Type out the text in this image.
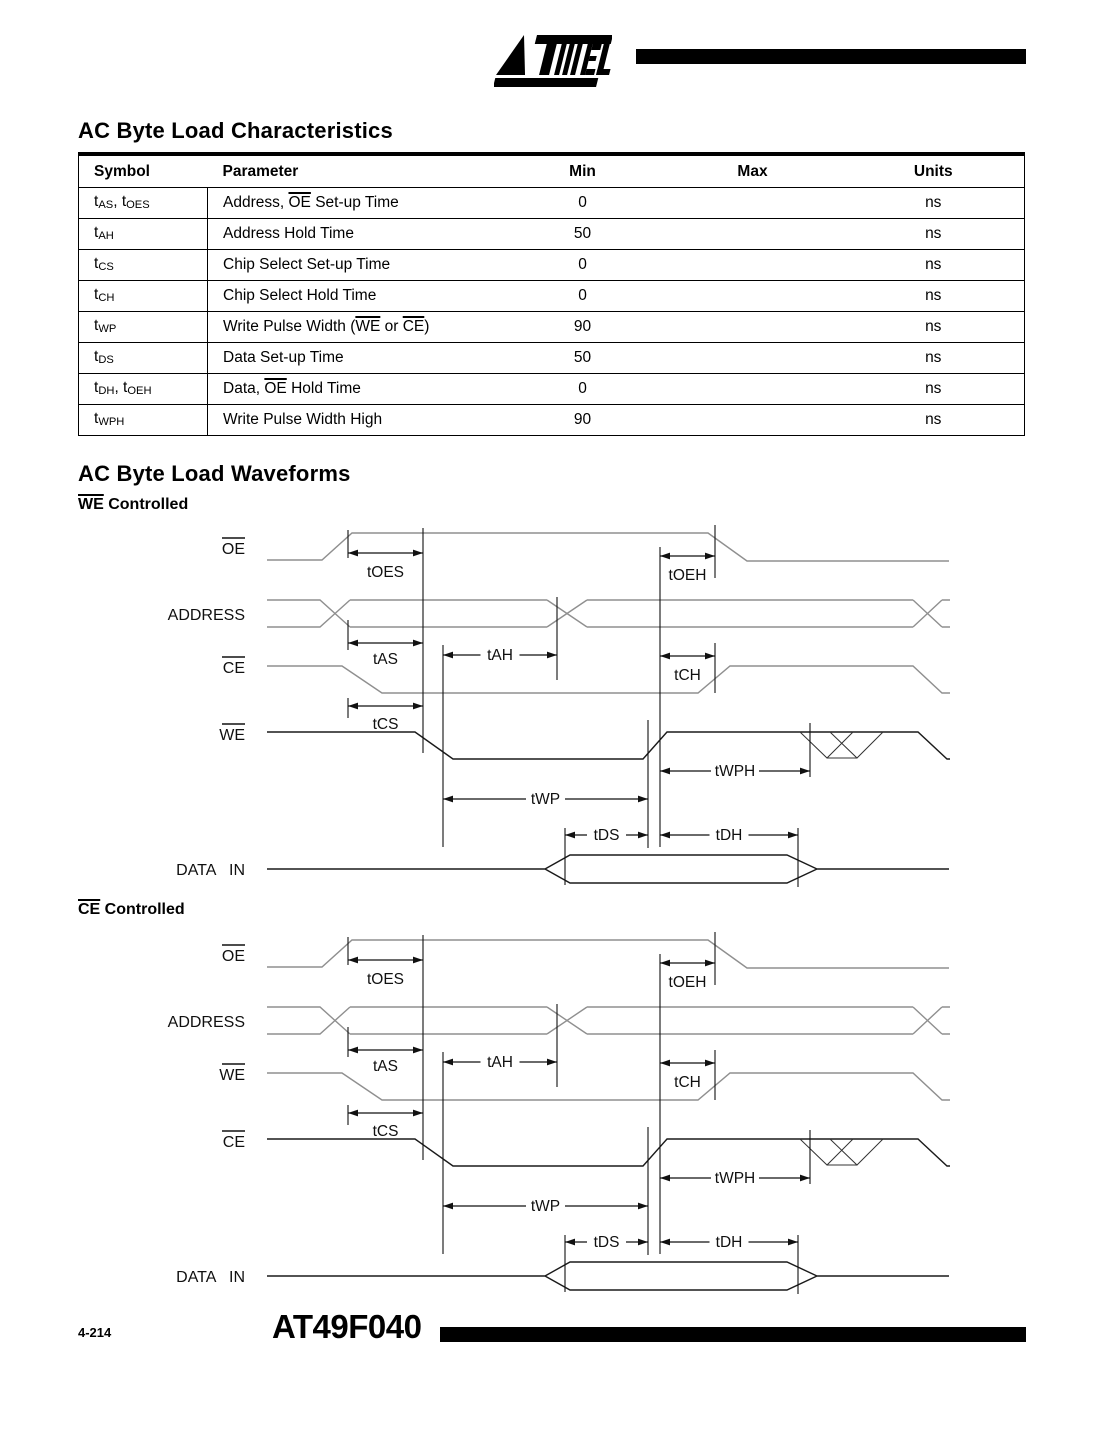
AC Byte Load Characteristics
Symbol	Parameter	Min	Max	Units
tAS, tOES	Address, $\overline{OE}$ Set-up Time	0		ns
tAH	Address Hold Time	50		ns
tCS	Chip Select Set-up Time	0		ns
tCH	Chip Select Hold Time	0		ns
tWP	Write Pulse Width ($\overline{WE}$ or $\overline{CE}$)	90		ns
tDS	Data Set-up Time	50		ns
tDH, tOEH	Data, $\overline{OE}$ Hold Time	0		ns
tWPH	Write Pulse Width High	90		ns
AC Byte Load Waveforms
$\overline{WE}$ Controlled
OE
ADDRESS
CE
WE
DATA IN
tOES
tAS
tCS
tAH
tWP
tDS	tDH
tWPH
tOEH
tCH
$\overline{CE}$ Controlled
OE
ADDRESS
WE
CE
DATA IN
tOES
tAS
tCS
tAH
tWP
tDS	tDH
tWPH
tOEH
tCH
4-214	AT49F040
